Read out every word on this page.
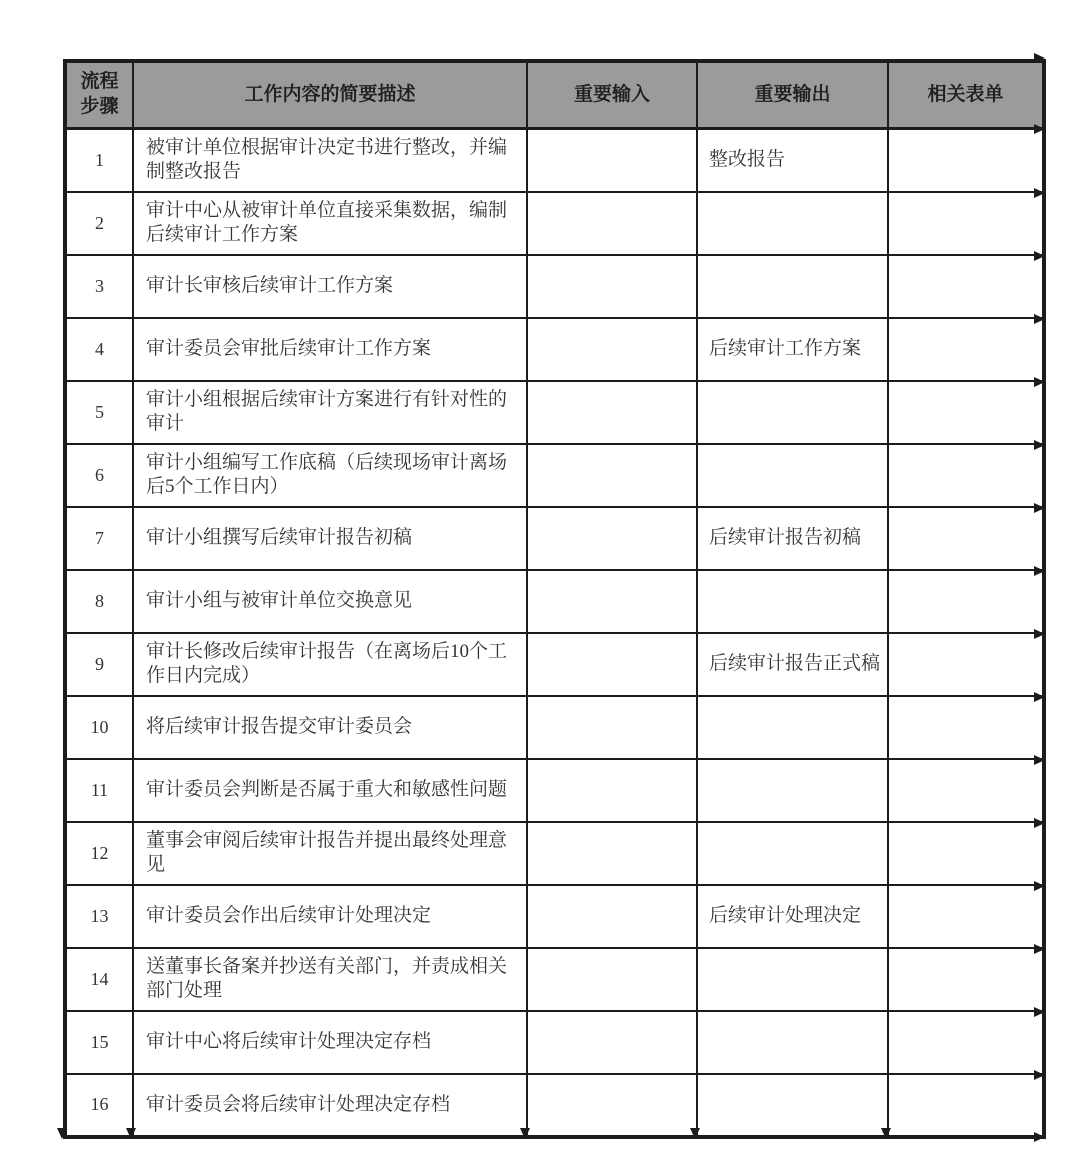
流程步骤	工作内容的简要描述	重要输入	重要输出	相关表单
1	被审计单位根据审计决定书进行整改，并编制整改报告		整改报告	
2	审计中心从被审计单位直接采集数据，编制后续审计工作方案			
3	审计长审核后续审计工作方案			
4	审计委员会审批后续审计工作方案		后续审计工作方案	
5	审计小组根据后续审计方案进行有针对性的审计			
6	审计小组编写工作底稿（后续现场审计离场后5个工作日内）			
7	审计小组撰写后续审计报告初稿		后续审计报告初稿	
8	审计小组与被审计单位交换意见			
9	审计长修改后续审计报告（在离场后10个工作日内完成）		后续审计报告正式稿	
10	将后续审计报告提交审计委员会			
11	审计委员会判断是否属于重大和敏感性问题			
12	董事会审阅后续审计报告并提出最终处理意见			
13	审计委员会作出后续审计处理决定		后续审计处理决定	
14	送董事长备案并抄送有关部门，并责成相关部门处理			
15	审计中心将后续审计处理决定存档			
16	审计委员会将后续审计处理决定存档			
